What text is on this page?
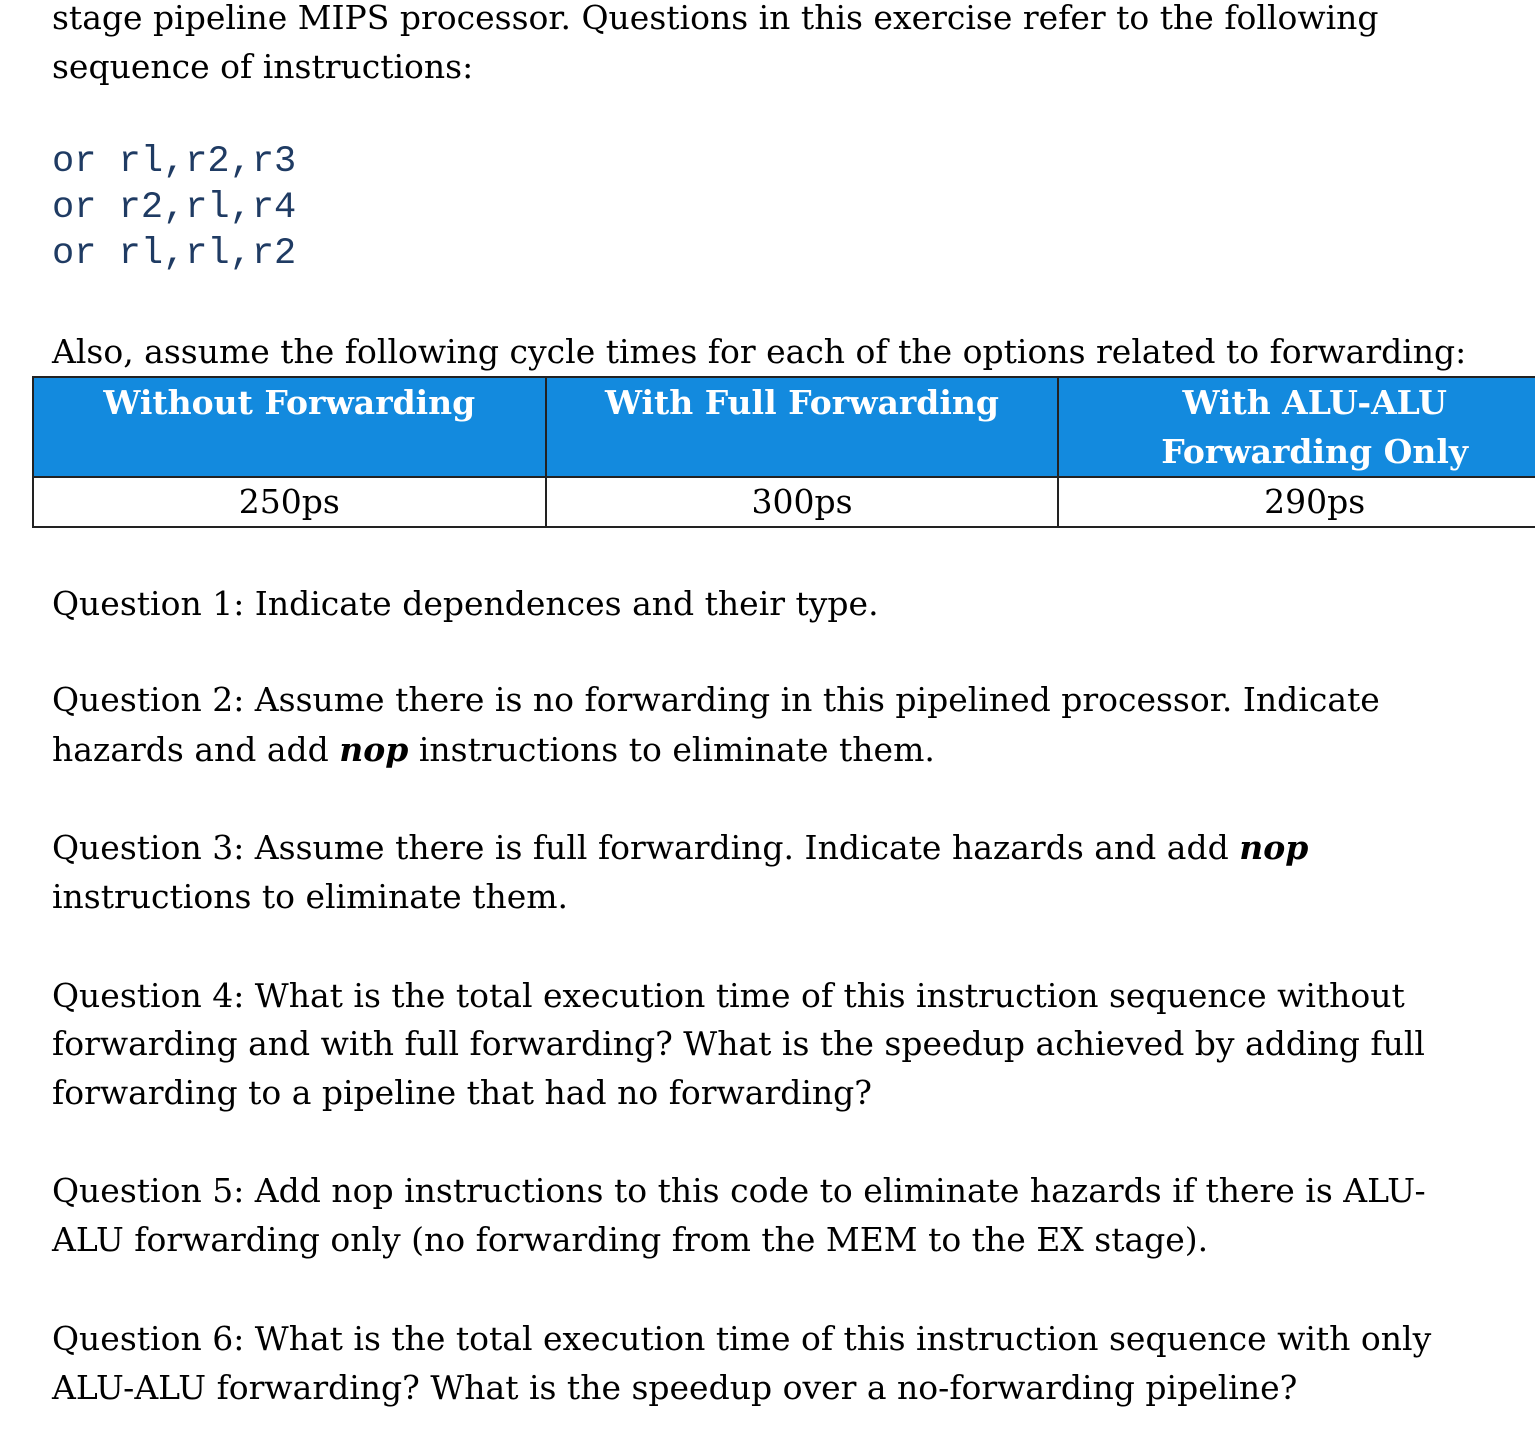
stage pipeline MIPS processor. Questions in this exercise refer to the following
sequence of instructions:
or rl,r2,r3
or r2,rl,r4
or rl,rl,r2
Also, assume the following cycle times for each of the options related to forwarding:
Without Forwarding	With Full Forwarding	With ALU-ALU Forwarding Only
250ps	300ps	290ps
Question 1: Indicate dependences and their type.
Question 2: Assume there is no forwarding in this pipelined processor. Indicate
hazards and add nop instructions to eliminate them.
Question 3: Assume there is full forwarding. Indicate hazards and add nop
instructions to eliminate them.
Question 4: What is the total execution time of this instruction sequence without
forwarding and with full forwarding? What is the speedup achieved by adding full
forwarding to a pipeline that had no forwarding?
Question 5: Add nop instructions to this code to eliminate hazards if there is ALU-
ALU forwarding only (no forwarding from the MEM to the EX stage).
Question 6: What is the total execution time of this instruction sequence with only
ALU-ALU forwarding? What is the speedup over a no-forwarding pipeline?
